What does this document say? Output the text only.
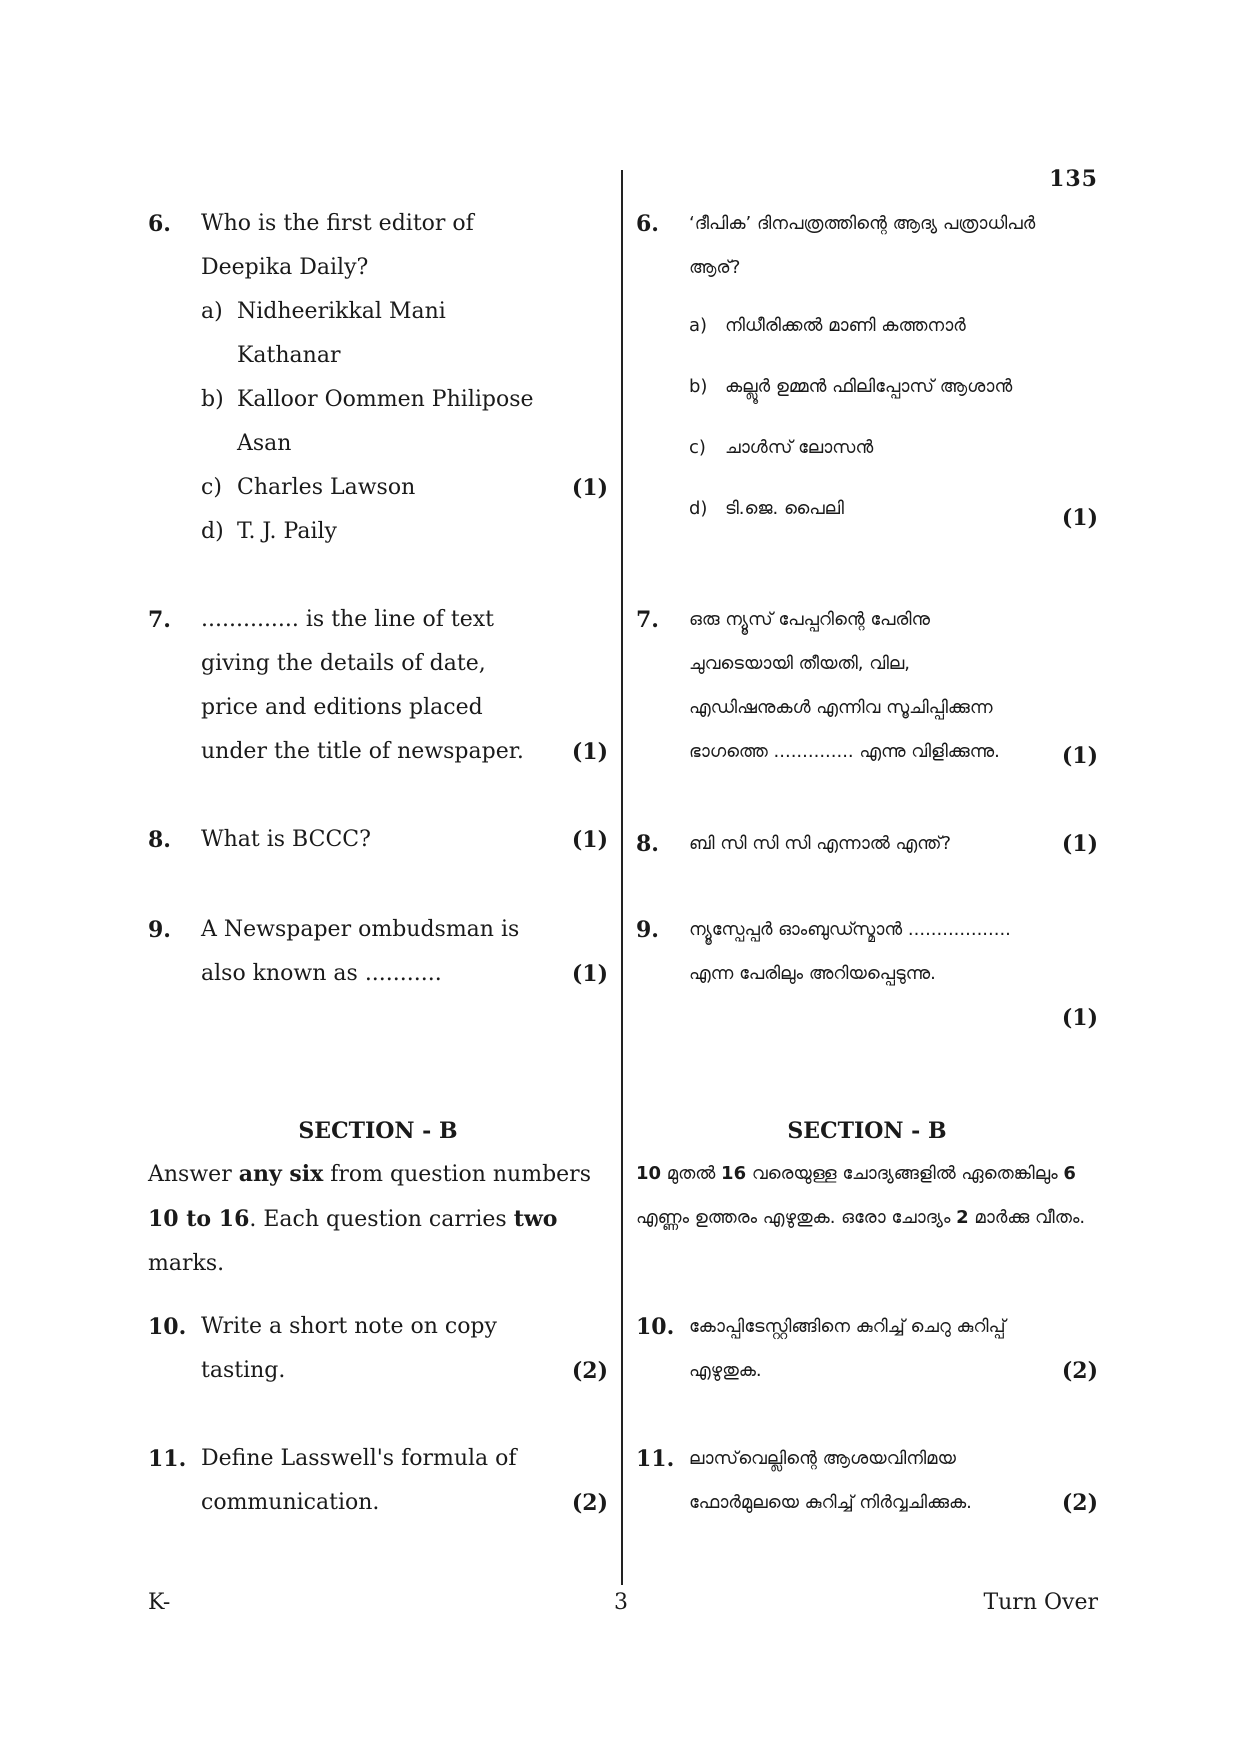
135
6. Who is the first editor of Deepika Daily?
a) Nidheerikkal Mani Kathanar
b) Kalloor Oommen Philipose Asan
c) Charles Lawson
d) T. J. Paily
(1)
7. .............. is the line of text giving the details of date, price and editions placed under the title of newspaper.	(1)
8. What is BCCC?	(1)
9. A Newspaper ombudsman is also known as ...........	(1)
SECTION - B
Answer any six from question numbers 10 to 16. Each question carries two marks.
10. Write a short note on copy tasting.	(2)
11. Define Lasswell's formula of communication.	(2)
6. ‘ദീപിക’ ദിനപത്രത്തിന്റെ ആദ്യ പത്രാധിപർ ആര്?
a) നിധീരിക്കൽ മാണി കത്തനാർ
b) കല്ലൂർ ഉമ്മൻ ഫിലിപ്പോസ് ആശാൻ
c)	ചാൾസ് ലോസൻ
d) ടി.ജെ. പൈലി	(1)
7. ഒരു ന്യൂസ് പേപ്പറിന്റെ പേരിനു ചുവടെയായി തീയതി, വില, എഡിഷനുകൾ എന്നിവ സൂചിപ്പിക്കുന്ന ഭാഗത്തെ .............. എന്നു വിളിക്കുന്നു.	(1)
8. ബി സി സി സി എന്നാൽ എന്ത്?	(1)
9. ന്യൂസ്പേപ്പർ ഓംബുഡ്സ്മാൻ .................. എന്ന പേരിലും അറിയപ്പെടുന്നു.
(1)
SECTION - B
10 മുതൽ 16 വരെയുള്ള ചോദ്യങ്ങളിൽ ഏതെങ്കിലും 6 എണ്ണം ഉത്തരം എഴുതുക. ഒരോ ചോദ്യം 2 മാർക്കു വീതം.
10. കോപ്പിടേസ്റ്റിങ്ങിനെ കുറിച്ച് ചെറു കുറിപ്പ് എഴുതുക.	(2)
11. ലാസ്‌വെല്ലിന്റെ ആശയവിനിമയ ഫോർമുലയെ കുറിച്ച് നിർവ്വചിക്കുക.	(2)
K-	3	Turn Over
